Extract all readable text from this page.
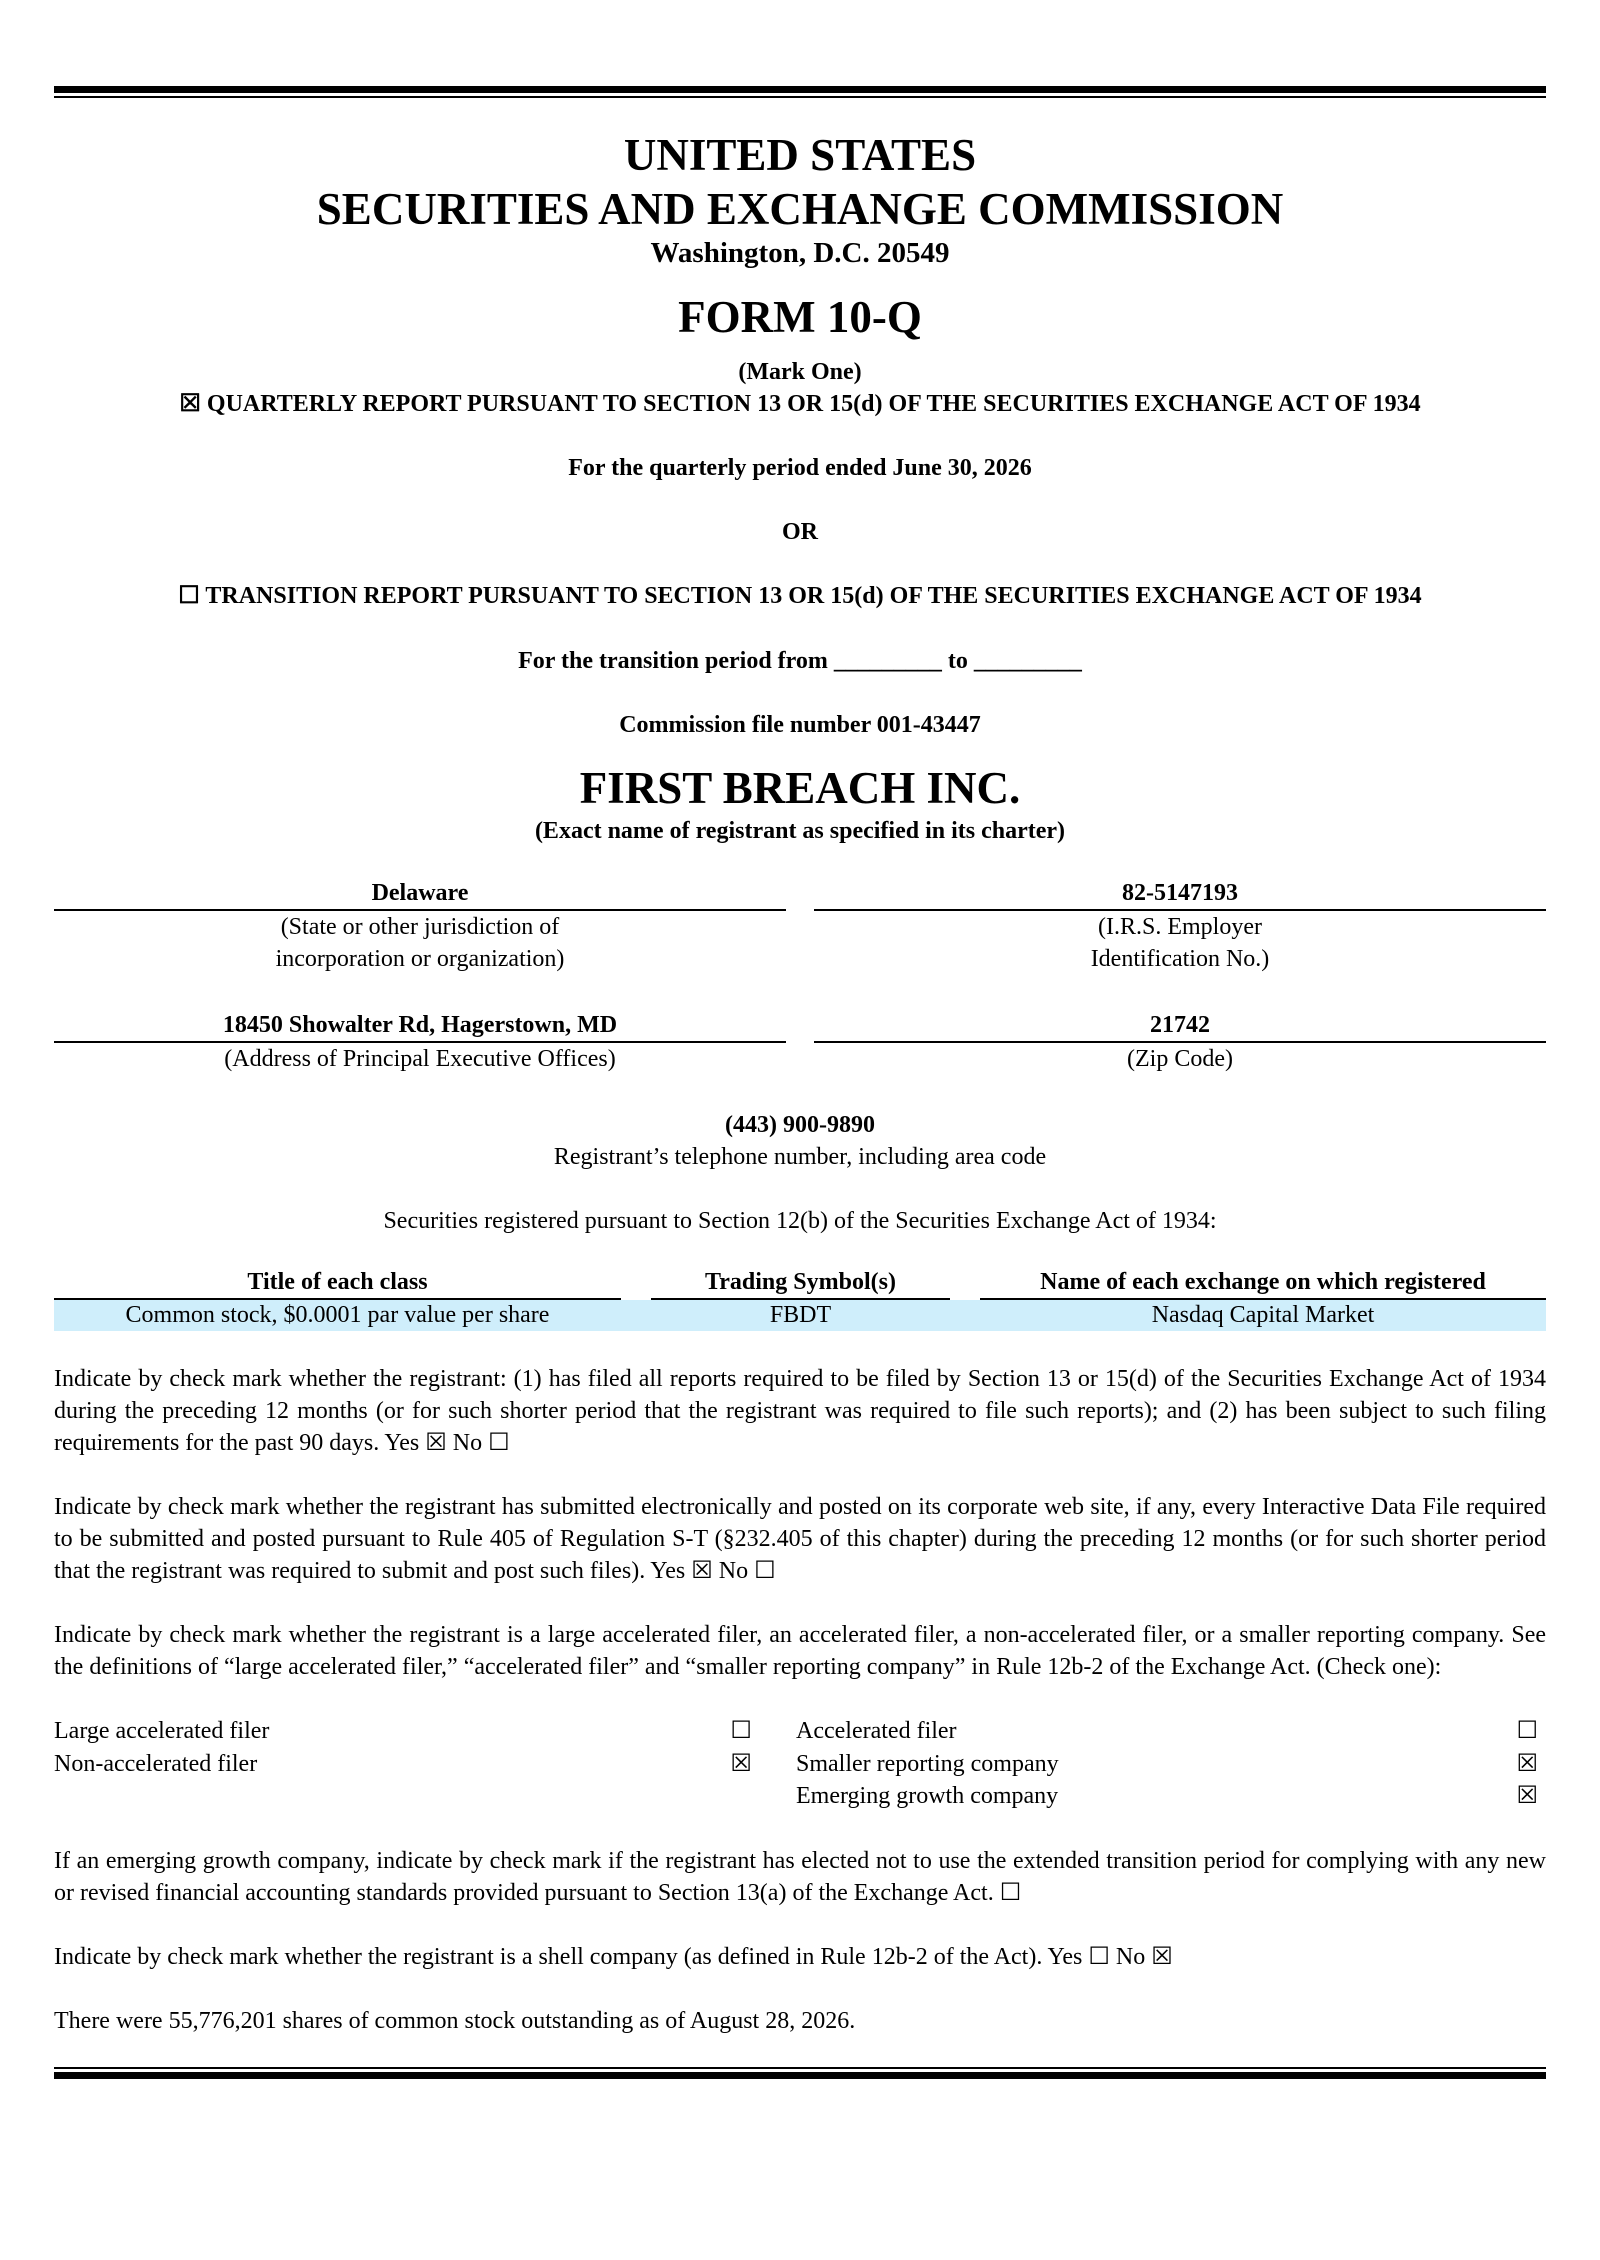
UNITED STATES
SECURITIES AND EXCHANGE COMMISSION
Washington, D.C. 20549
FORM 10-Q
(Mark One)
☒ QUARTERLY REPORT PURSUANT TO SECTION 13 OR 15(d) OF THE SECURITIES EXCHANGE ACT OF 1934
For the quarterly period ended June 30, 2026
OR
☐ TRANSITION REPORT PURSUANT TO SECTION 13 OR 15(d) OF THE SECURITIES EXCHANGE ACT OF 1934
For the transition period from _________ to _________
Commission file number 001-43447
FIRST BREACH INC.
(Exact name of registrant as specified in its charter)
Delaware
(State or other jurisdiction of
incorporation or organization)
82-5147193
(I.R.S. Employer
Identification No.)
18450 Showalter Rd, Hagerstown, MD
(Address of Principal Executive Offices)
21742
(Zip Code)
(443) 900-9890
Registrant’s telephone number, including area code
Securities registered pursuant to Section 12(b) of the Securities Exchange Act of 1934:
Title of each class		Trading Symbol(s)		Name of each exchange on which registered

Common stock, $0.0001 par value per share		FBDT		Nasdaq Capital Market
Indicate by check mark whether the registrant: (1) has filed all reports required to be filed by Section 13 or 15(d) of the Securities Exchange Act of 1934 during the preceding 12 months (or for such shorter period that the registrant was required to file such reports); and (2) has been subject to such filing requirements for the past 90 days. Yes ☒ No ☐
Indicate by check mark whether the registrant has submitted electronically and posted on its corporate web site, if any, every Interactive Data File required to be submitted and posted pursuant to Rule 405 of Regulation S-T (§232.405 of this chapter) during the preceding 12 months (or for such shorter period that the registrant was required to submit and post such files). Yes ☒ No ☐
Indicate by check mark whether the registrant is a large accelerated filer, an accelerated filer, a non-accelerated filer, or a smaller reporting company. See the definitions of “large accelerated filer,” “accelerated filer” and “smaller reporting company” in Rule 12b-2 of the Exchange Act. (Check one):
Large accelerated filer	☐	Accelerated filer	☐
Non-accelerated filer	☒	Smaller reporting company	☒
Emerging growth company	☒
If an emerging growth company, indicate by check mark if the registrant has elected not to use the extended transition period for complying with any new or revised financial accounting standards provided pursuant to Section 13(a) of the Exchange Act. ☐
Indicate by check mark whether the registrant is a shell company (as defined in Rule 12b-2 of the Act). Yes ☐ No ☒
There were 55,776,201 shares of common stock outstanding as of August 28, 2026.
